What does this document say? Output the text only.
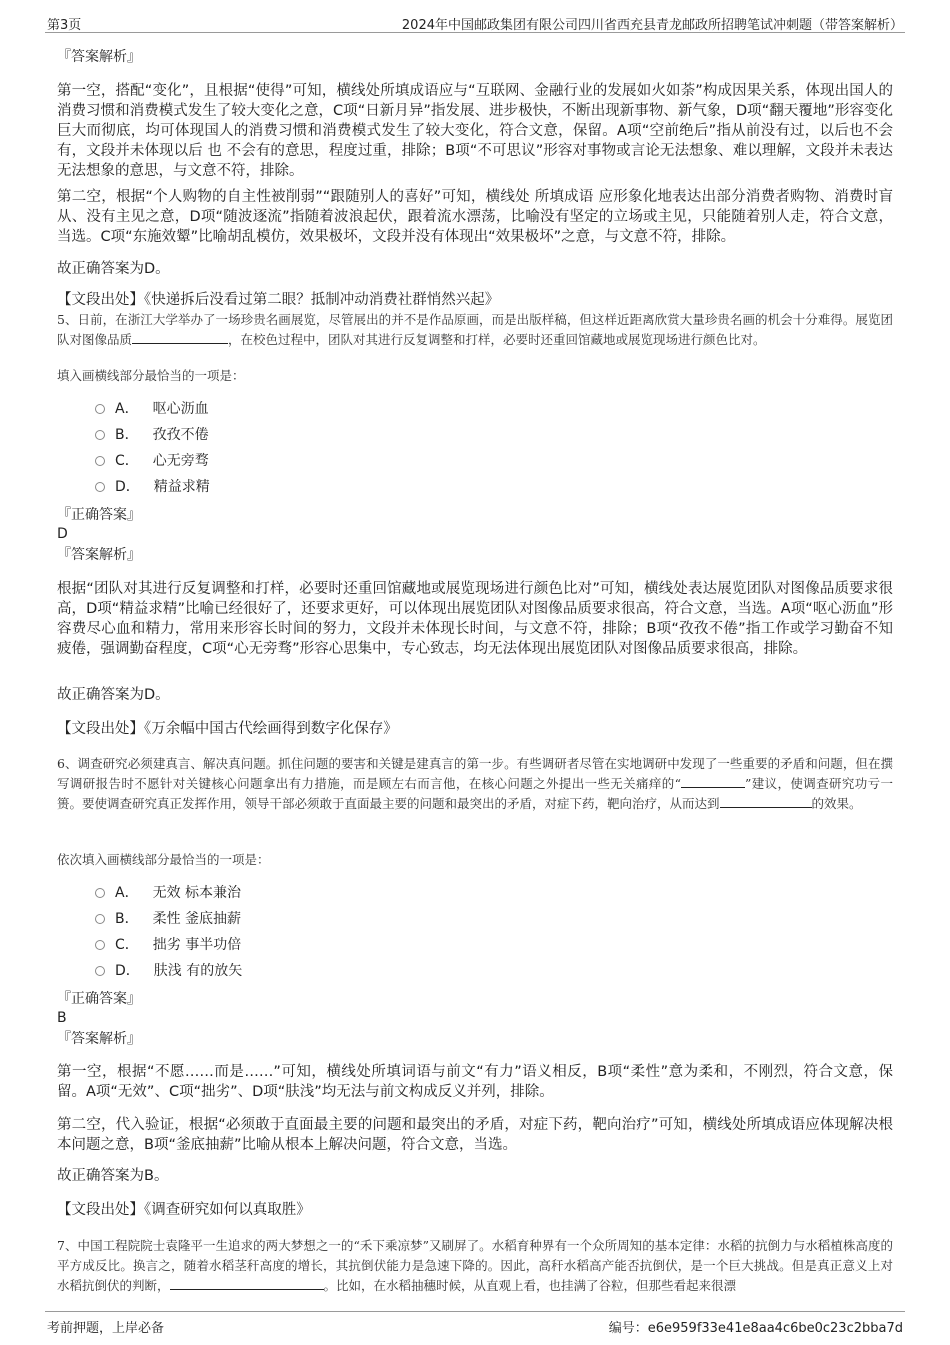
第3页	2024年中国邮政集团有限公司四川省西充县青龙邮政所招聘笔试冲刺题（带答案解析）

『答案解析』

第一空，搭配“变化”，且根据“使得”可知，横线处所填成语应与“互联网、金融行业的发展如火如荼”构成因果关系，体现出国人的消费习惯和消费模式发生了较大变化之意，C项“日新月异”指发展、进步极快，不断出现新事物、新气象，D项“翻天覆地”形容变化巨大而彻底，均可体现国人的消费习惯和消费模式发生了较大变化，符合文意，保留。A项“空前绝后”指从前没有过，以后也不会有，文段并未体现以后 也 不会有的意思，程度过重，排除；B项“不可思议”形容对事物或言论无法想象、难以理解，文段并未表达无法想象的意思，与文意不符，排除。

第二空，根据“个人购物的自主性被削弱”“跟随别人的喜好”可知，横线处 所填成语 应形象化地表达出部分消费者购物、消费时盲从、没有主见之意，D项“随波逐流”指随着波浪起伏，跟着流水漂荡，比喻没有坚定的立场或主见，只能随着别人走，符合文意，当选。C项“东施效颦”比喻胡乱模仿，效果极坏，文段并没有体现出“效果极坏”之意，与文意不符，排除。

故正确答案为D。

【文段出处】《快递拆后没看过第二眼？抵制冲动消费社群悄然兴起》

5、日前，在浙江大学举办了一场珍贵名画展览，尽管展出的并不是作品原画，而是出版样稿，但这样近距离欣赏大量珍贵名画的机会十分难得。展览团队对图像品质	，在校色过程中，团队对其进行反复调整和打样，必要时还重回馆藏地或展览现场进行颜色比对。

填入画横线部分最恰当的一项是：

A． 呕心沥血

B． 孜孜不倦

C． 心无旁骛

D． 精益求精

『正确答案』

D

『答案解析』

根据“团队对其进行反复调整和打样，必要时还重回馆藏地或展览现场进行颜色比对”可知，横线处表达展览团队对图像品质要求很高，D项“精益求精”比喻已经很好了，还要求更好，可以体现出展览团队对图像品质要求很高，符合文意，当选。A项“呕心沥血”形容费尽心血和精力，常用来形容长时间的努力，文段并未体现长时间，与文意不符，排除；B项“孜孜不倦”指工作或学习勤奋不知疲倦，强调勤奋程度，C项“心无旁骛”形容心思集中，专心致志，均无法体现出展览团队对图像品质要求很高，排除。

故正确答案为D。

【文段出处】《万余幅中国古代绘画得到数字化保存》

6、调查研究必须建真言、解决真问题。抓住问题的要害和关键是建真言的第一步。有些调研者尽管在实地调研中发现了一些重要的矛盾和问题，但在撰写调研报告时不愿针对关键核心问题拿出有力措施，而是顾左右而言他，在核心问题之外提出一些无关痛痒的“	”建议，使调查研究功亏一篑。要使调查研究真正发挥作用，领导干部必须敢于直面最主要的问题和最突出的矛盾，对症下药，靶向治疗，从而达到	的效果。

依次填入画横线部分最恰当的一项是：

A． 无效 标本兼治

B． 柔性 釜底抽薪

C． 拙劣 事半功倍

D． 肤浅 有的放矢

『正确答案』

B

『答案解析』

第一空，根据“不愿……而是……”可知，横线处所填词语与前文“有力”语义相反，B项“柔性”意为柔和，不刚烈，符合文意，保留。A项“无效”、C项“拙劣”、D项“肤浅”均无法与前文构成反义并列，排除。

第二空，代入验证，根据“必须敢于直面最主要的问题和最突出的矛盾，对症下药，靶向治疗”可知，横线处所填成语应体现解决根本问题之意，B项“釜底抽薪”比喻从根本上解决问题，符合文意，当选。

故正确答案为B。

【文段出处】《调查研究如何以真取胜》

7、中国工程院院士袁隆平一生追求的两大梦想之一的“禾下乘凉梦”又刷屏了。水稻育种界有一个众所周知的基本定律：水稻的抗倒力与水稻植株高度的平方成反比。换言之，随着水稻茎秆高度的增长，其抗倒伏能力是急速下降的。因此，高秆水稻高产能否抗倒伏，是一个巨大挑战。但是真正意义上对水稻抗倒伏的判断，	。比如，在水稻抽穗时候，从直观上看，也挂满了谷粒，但那些看起来很漂

考前押题，上岸必备	编号：e6e959f33e41e8aa4c6be0c23c2bba7d
